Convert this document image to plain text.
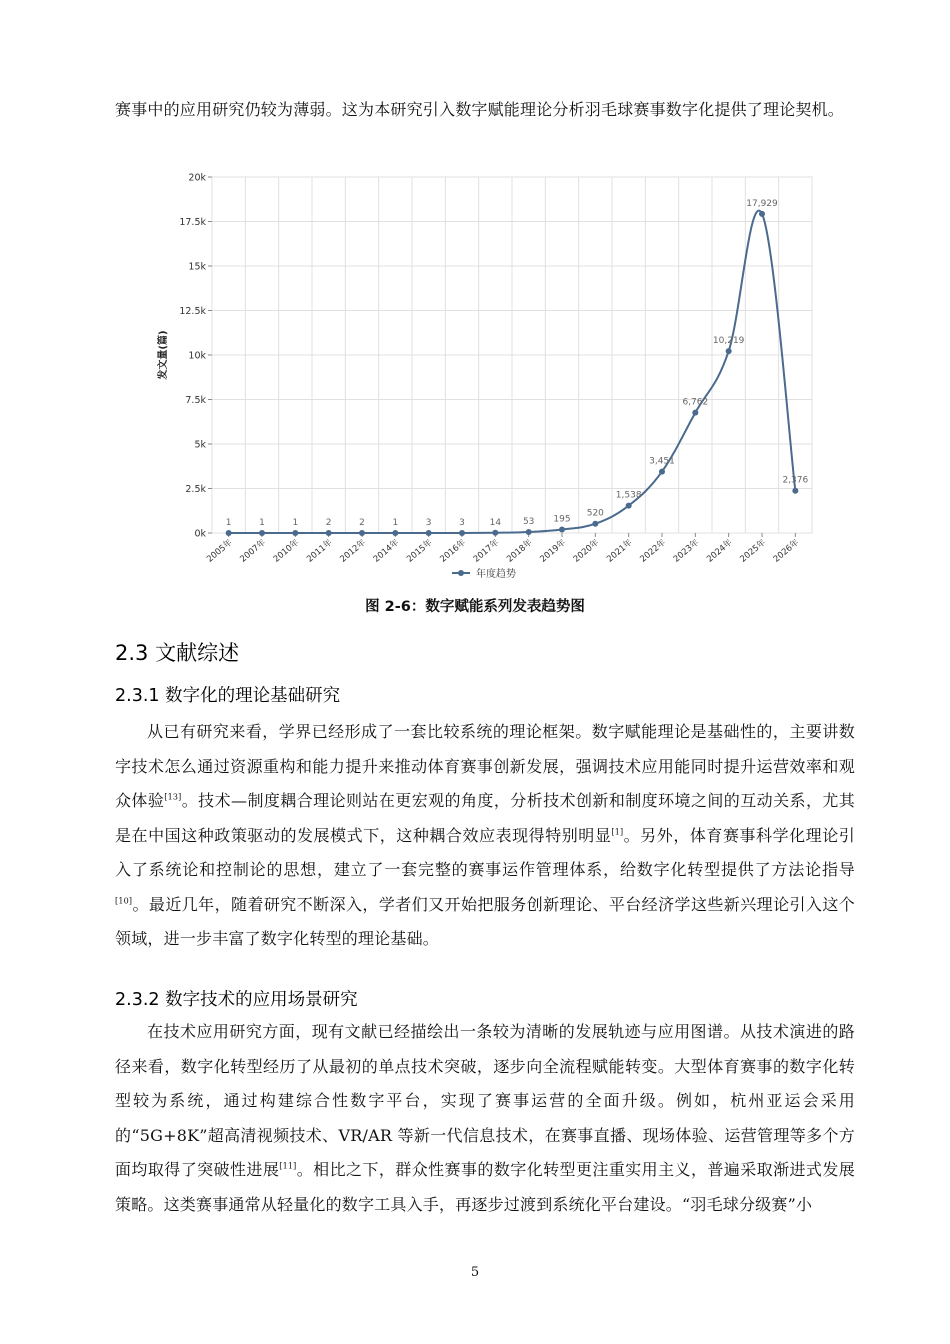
赛事中的应用研究仍较为薄弱。这为本研究引入数字赋能理论分析羽毛球赛事数字化提供了理论契机。

0k
2.5k
5k
7.5k
10k
12.5k
15k
17.5k
20k
2005年 2007年 2010年 2011年 2012年 2014年 2015年 2016年 2017年 2018年 2019年 2020年 2021年 2022年 2023年 2024年 2025年 2026年
1	1	1	2	2	1	3	3	14 53 195
520
1,538
3,451
6,762
10,219
17,929
2,376
发文量(篇)
年度趋势

图 2-6：数字赋能系列发表趋势图

2.3 文献综述
2.3.1 数字化的理论基础研究

从已有研究来看，学界已经形成了一套比较系统的理论框架。数字赋能理论是基础性的，主要讲数字技术怎么通过资源重构和能力提升来推动体育赛事创新发展，强调技术应用能同时提升运营效率和观众体验[13]。技术—制度耦合理论则站在更宏观的角度，分析技术创新和制度环境之间的互动关系，尤其是在中国这种政策驱动的发展模式下，这种耦合效应表现得特别明显[1]。另外，体育赛事科学化理论引入了系统论和控制论的思想，建立了一套完整的赛事运作管理体系，给数字化转型提供了方法论指导[10]。最近几年，随着研究不断深入，学者们又开始把服务创新理论、平台经济学这些新兴理论引入这个领域，进一步丰富了数字化转型的理论基础。

2.3.2 数字技术的应用场景研究

在技术应用研究方面，现有文献已经描绘出一条较为清晰的发展轨迹与应用图谱。从技术演进的路径来看，数字化转型经历了从最初的单点技术突破，逐步向全流程赋能转变。大型体育赛事的数字化转型较为系统，通过构建综合性数字平台，实现了赛事运营的全面升级。例如，杭州亚运会采用的“5G+8K”超高清视频技术、VR/AR 等新一代信息技术，在赛事直播、现场体验、运营管理等多个方面均取得了突破性进展[11]。相比之下，群众性赛事的数字化转型更注重实用主义，普遍采取渐进式发展策略。这类赛事通常从轻量化的数字工具入手，再逐步过渡到系统化平台建设。“羽毛球分级赛”小

5
